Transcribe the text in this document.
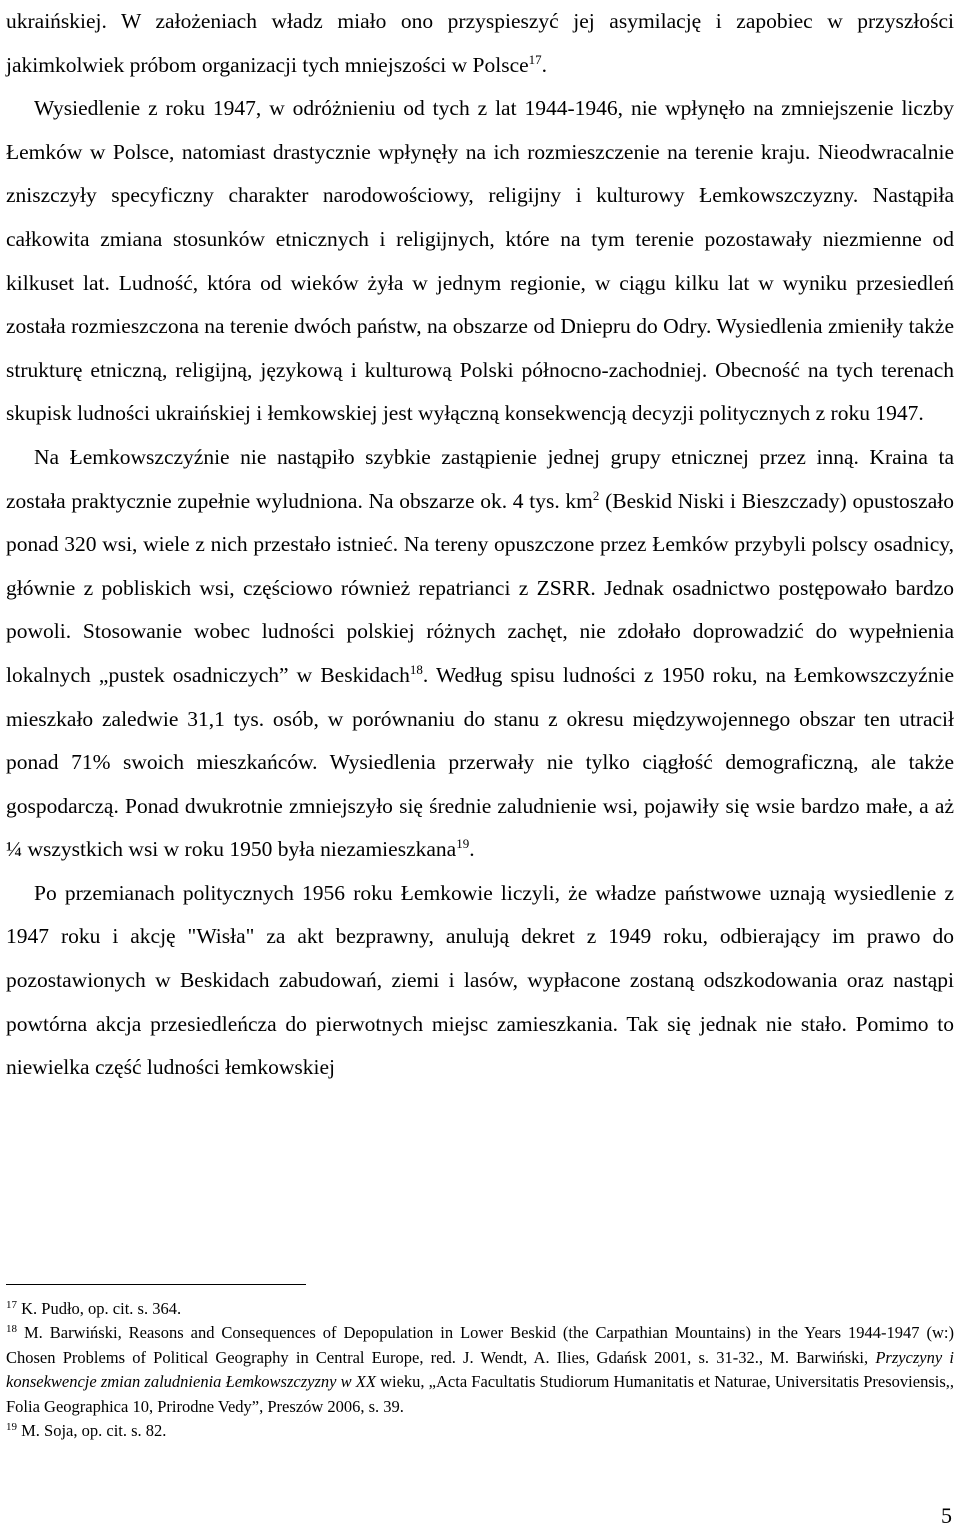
ukraińskiej. W założeniach władz miało ono przyspieszyć jej asymilację i zapobiec w przyszłości jakimkolwiek próbom organizacji tych mniejszości w Polsce$^{17}$.

Wysiedlenie z roku 1947, w odróżnieniu od tych z lat 1944-1946, nie wpłynęło na zmniejszenie liczby Łemków w Polsce, natomiast drastycznie wpłynęły na ich rozmieszczenie na terenie kraju. Nieodwracalnie zniszczyły specyficzny charakter narodowościowy, religijny i kulturowy Łemkowszczyzny. Nastąpiła całkowita zmiana stosunków etnicznych i religijnych, które na tym terenie pozostawały niezmienne od kilkuset lat. Ludność, która od wieków żyła w jednym regionie, w ciągu kilku lat w wyniku przesiedleń została rozmieszczona na terenie dwóch państw, na obszarze od Dniepru do Odry. Wysiedlenia zmieniły także strukturę etniczną, religijną, językową i kulturową Polski północno-zachodniej. Obecność na tych terenach skupisk ludności ukraińskiej i łemkowskiej jest wyłączną konsekwencją decyzji politycznych z roku 1947.

Na Łemkowszczyźnie nie nastąpiło szybkie zastąpienie jednej grupy etnicznej przez inną. Kraina ta została praktycznie zupełnie wyludniona. Na obszarze ok. 4 tys. $km^2$ (Beskid Niski i Bieszczady) opustoszało ponad 320 wsi, wiele z nich przestało istnieć. Na tereny opuszczone przez Łemków przybyli polscy osadnicy, głównie z pobliskich wsi, częściowo również repatrianci z ZSRR. Jednak osadnictwo postępowało bardzo powoli. Stosowanie wobec ludności polskiej różnych zachęt, nie zdołało doprowadzić do wypełnienia lokalnych „pustek osadniczych” w Beskidach$^{18}$. Według spisu ludności z 1950 roku, na Łemkowszczyźnie mieszkało zaledwie 31,1 tys. osób, w porównaniu do stanu z okresu międzywojennego obszar ten utracił ponad 71% swoich mieszkańców. Wysiedlenia przerwały nie tylko ciągłość demograficzną, ale także gospodarczą. Ponad dwukrotnie zmniejszyło się średnie zaludnienie wsi, pojawiły się wsie bardzo małe, a aż ¼ wszystkich wsi w roku 1950 była niezamieszkana$^{19}$.

Po przemianach politycznych 1956 roku Łemkowie liczyli, że władze państwowe uznają wysiedlenie z 1947 roku i akcję "Wisła" za akt bezprawny, anulują dekret z 1949 roku, odbierający im prawo do pozostawionych w Beskidach zabudowań, ziemi i lasów, wypłacone zostaną odszkodowania oraz nastąpi powtórna akcja przesiedleńcza do pierwotnych miejsc zamieszkania. Tak się jednak nie stało. Pomimo to niewielka część ludności łemkowskiej

$^{17}$ K. Pudło, op. cit. s. 364.

$^{18}$ M. Barwiński, Reasons and Consequences of Depopulation in Lower Beskid (the Carpathian Mountains) in the Years 1944-1947 (w:) Chosen Problems of Political Geography in Central Europe, red. J. Wendt, A. Ilies, Gdańsk 2001, s. 31-32., M. Barwiński, Przyczyny i konsekwencje zmian zaludnienia Łemkowszczyzny w XX wieku, „Acta Facultatis Studiorum Humanitatis et Naturae, Universitatis Presoviensis,, Folia Geographica 10, Prirodne Vedy”, Preszów 2006, s. 39.

$^{19}$ M. Soja, op. cit. s. 82.

5
